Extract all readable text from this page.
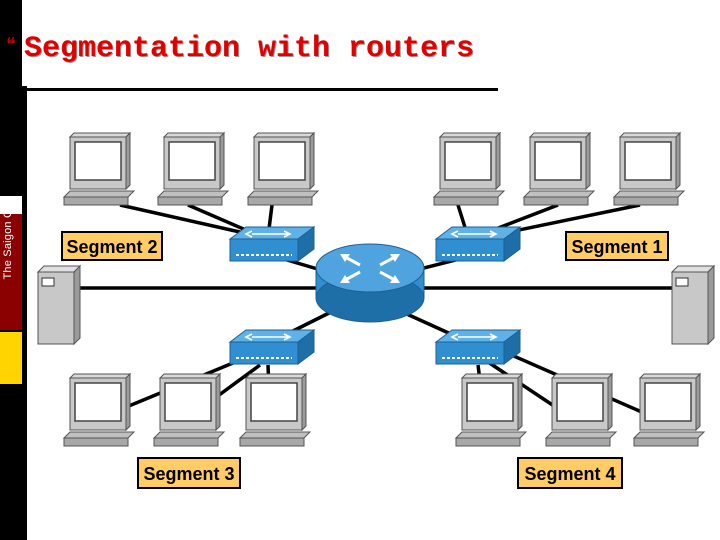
The Saigon CTT
❝ Segmentation with routers
Segment 2	Segment 1
Segment 3	Segment 4
